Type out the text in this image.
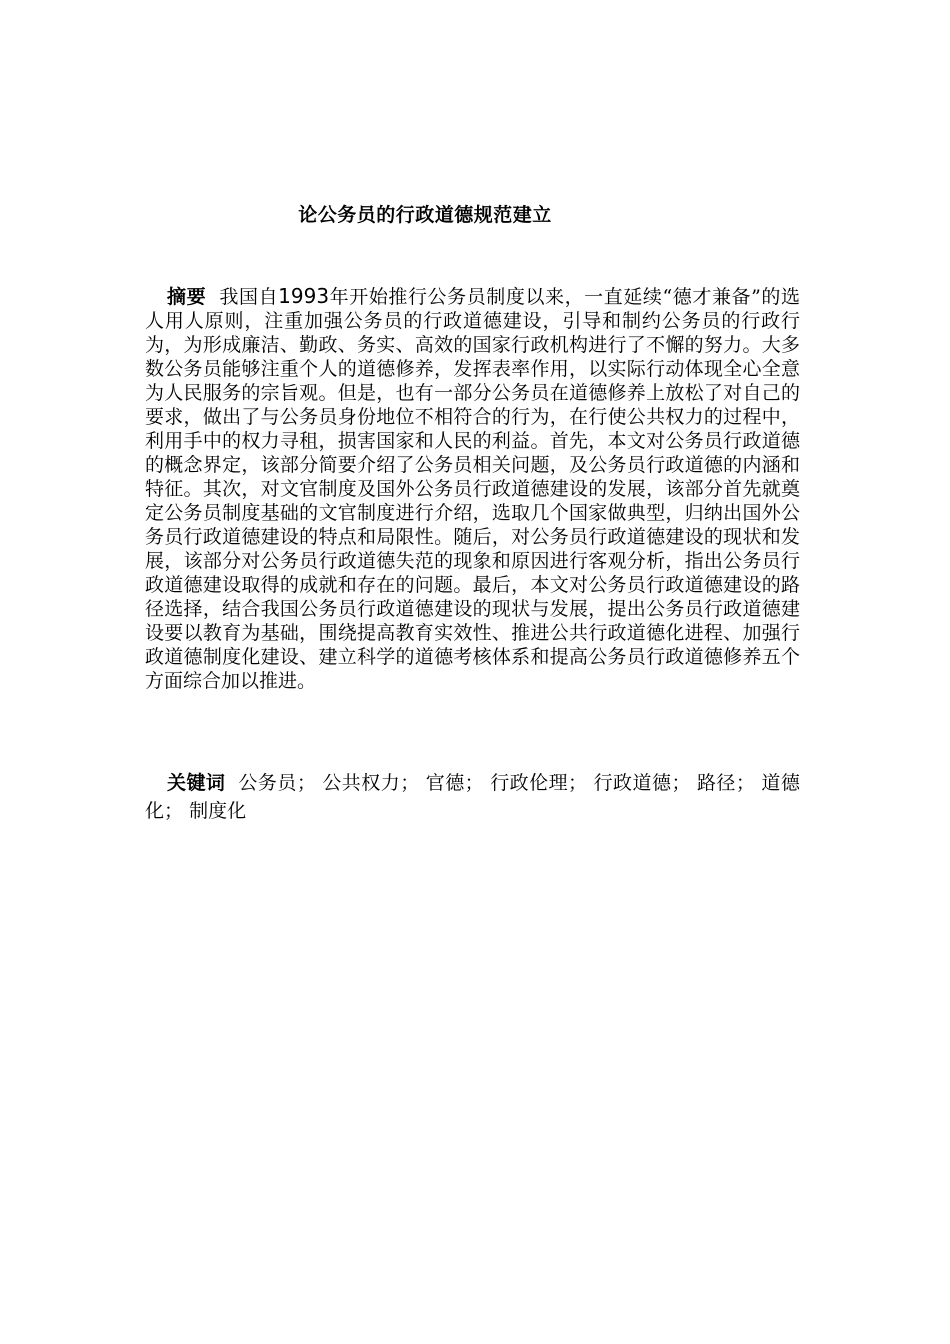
论公务员的行政道德规范建立

摘要 我国自1993年开始推行公务员制度以来，一直延续“德才兼备”的选人用人原则，注重加强公务员的行政道德建设，引导和制约公务员的行政行为，为形成廉洁、勤政、务实、高效的国家行政机构进行了不懈的努力。大多数公务员能够注重个人的道德修养，发挥表率作用，以实际行动体现全心全意为人民服务的宗旨观。但是，也有一部分公务员在道德修养上放松了对自己的要求，做出了与公务员身份地位不相符合的行为，在行使公共权力的过程中，利用手中的权力寻租，损害国家和人民的利益。首先，本文对公务员行政道德的概念界定，该部分简要介绍了公务员相关问题，及公务员行政道德的内涵和特征。其次，对文官制度及国外公务员行政道德建设的发展，该部分首先就奠定公务员制度基础的文官制度进行介绍，选取几个国家做典型，归纳出国外公务员行政道德建设的特点和局限性。随后，对公务员行政道德建设的现状和发展，该部分对公务员行政道德失范的现象和原因进行客观分析，指出公务员行政道德建设取得的成就和存在的问题。最后，本文对公务员行政道德建设的路径选择，结合我国公务员行政道德建设的现状与发展，提出公务员行政道德建设要以教育为基础，围绕提高教育实效性、推进公共行政道德化进程、加强行政道德制度化建设、建立科学的道德考核体系和提高公务员行政道德修养五个方面综合加以推进。

关键词 公务员； 公共权力； 官德； 行政伦理； 行政道德； 路径； 道德化； 制度化
